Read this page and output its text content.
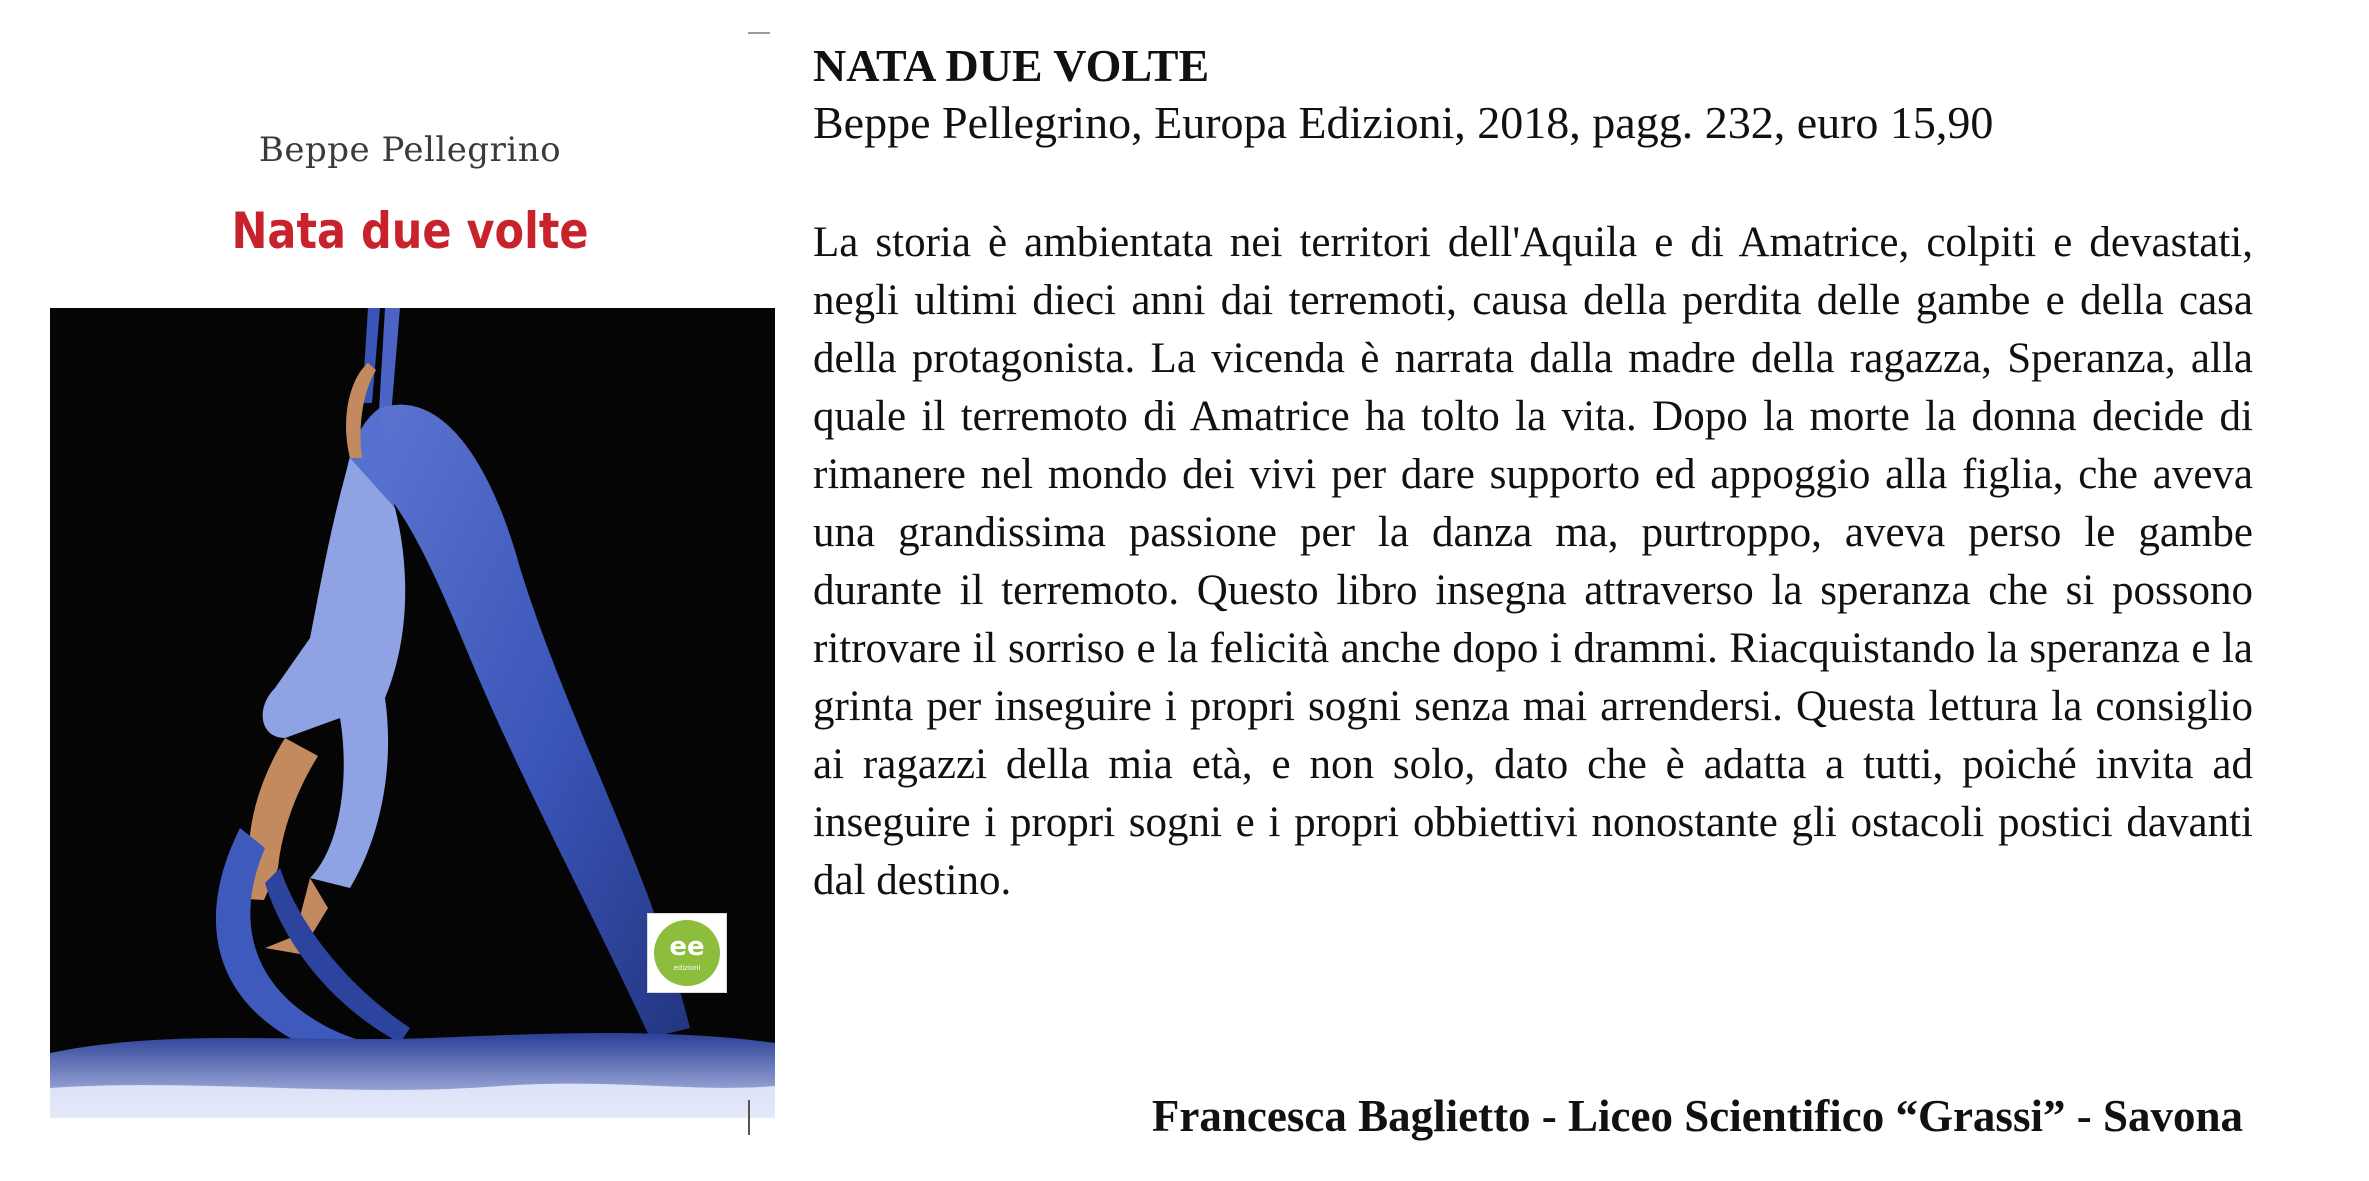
Beppe Pellegrino
Nata due volte
ee
edizioni
NATA DUE VOLTE

Beppe Pellegrino, Europa Edizioni, 2018, pagg. 232, euro 15,90

La storia è ambientata nei territori dell'Aquila e di Amatrice, colpiti e devastati, negli ultimi dieci anni dai terremoti, causa della perdita delle gambe e della casa della protagonista. La vicenda è narrata dalla madre della ragazza, Speranza, alla quale il terremoto di Amatrice ha tolto la vita. Dopo la morte la donna decide di rimanere nel mondo dei vivi per dare supporto ed appoggio alla figlia, che aveva una grandissima passione per la danza ma, purtroppo, aveva perso le gambe durante il terremoto. Questo libro insegna attraverso la speranza che si possono ritrovare il sorriso e la felicità anche dopo i drammi. Riacquistando la speranza e la grinta per inseguire i propri sogni senza mai arrendersi. Questa lettura la consiglio ai ragazzi della mia età, e non solo, dato che è adatta a tutti, poiché invita ad inseguire i propri sogni e i propri obbiettivi nonostante gli ostacoli postici davanti dal destino.

Francesca Baglietto - Liceo Scientifico “Grassi” - Savona
